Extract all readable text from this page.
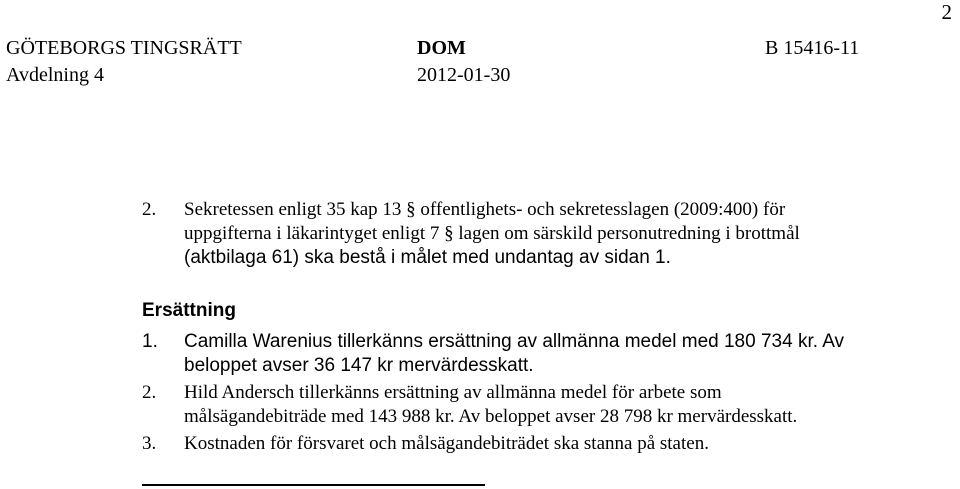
2
GÖTEBORGS TINGSRÄTT
Avdelning 4
DOM
2012-01-30
B 15416-11
2.	Sekretessen enligt 35 kap 13 § offentlighets- och sekretesslagen (2009:400) för
uppgifterna i läkarintyget enligt 7 § lagen om särskild personutredning i brottmål
(aktbilaga 61) ska bestå i målet med undantag av sidan 1.
Ersättning
1.	Camilla Warenius tillerkänns ersättning av allmänna medel med 180 734 kr. Av
beloppet avser 36 147 kr mervärdesskatt.
2.	Hild Andersch tillerkänns ersättning av allmänna medel för arbete som
målsägandebiträde med 143 988 kr. Av beloppet avser 28 798 kr mervärdesskatt.
3.	Kostnaden för försvaret och målsägandebiträdet ska stanna på staten.
